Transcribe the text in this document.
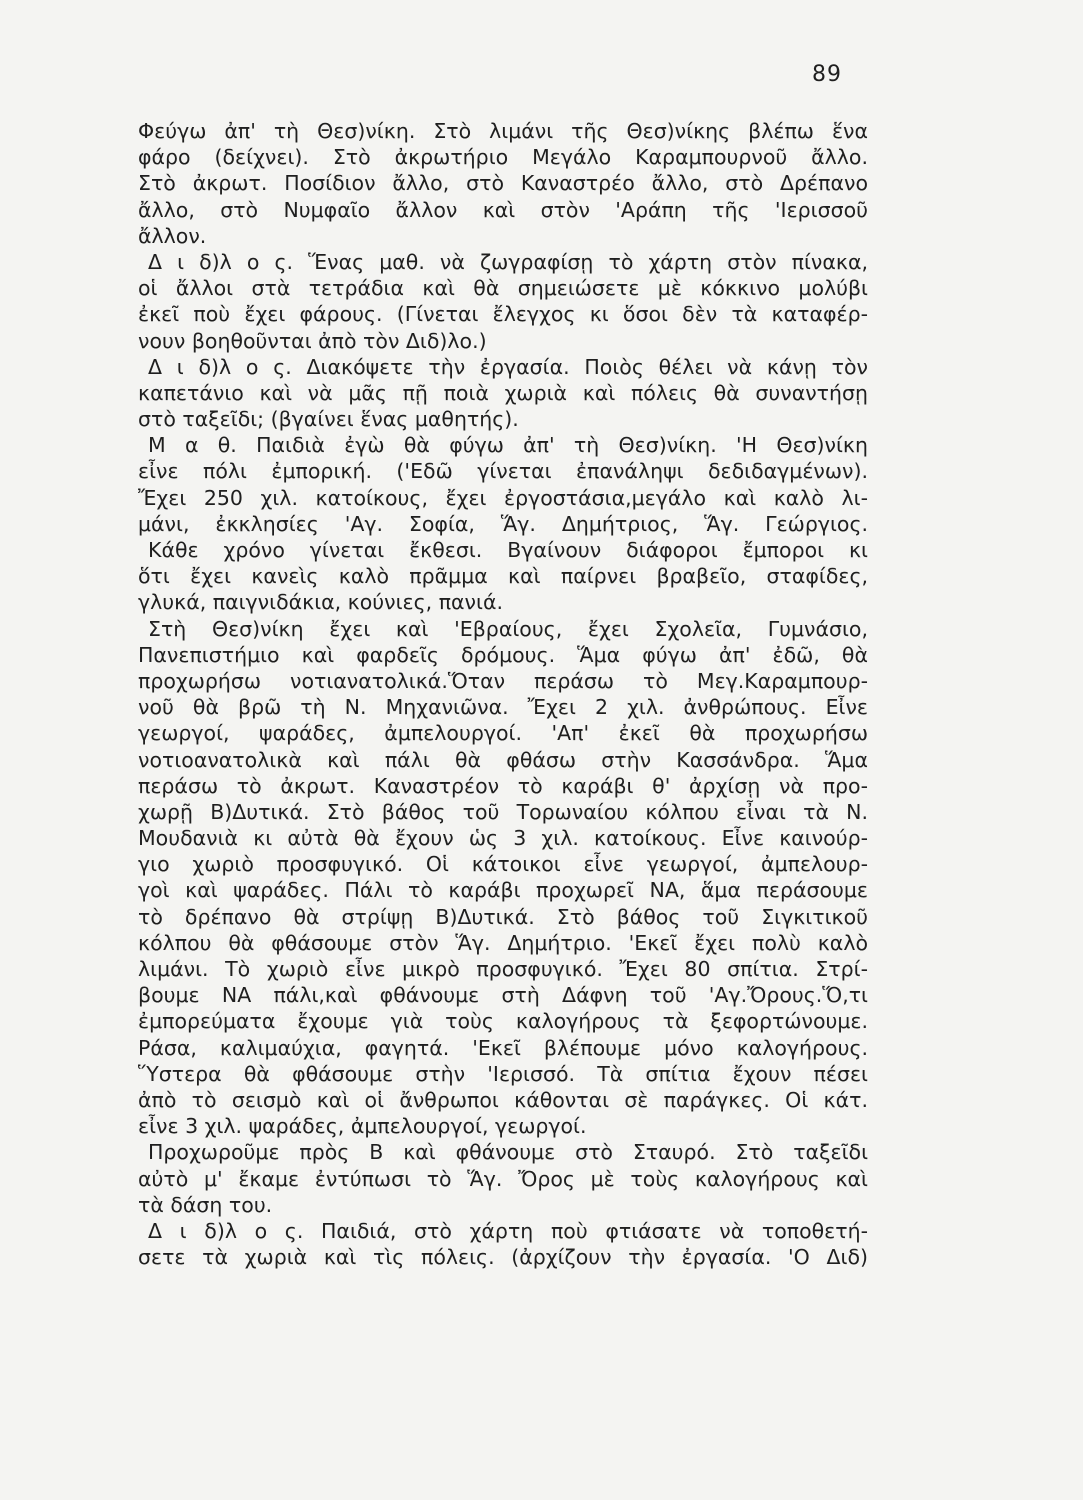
89
Φεύγω ἀπ' τὴ Θεσ)νίκη. Στὸ λιμάνι τῆς Θεσ)νίκης βλέπω ἕνα
φάρο (δείχνει). Στὸ ἀκρωτήριο Μεγάλο Καραμπουρνοῦ ἄλλο.
Στὸ ἀκρωτ. Ποσίδιον ἄλλο, στὸ Καναστρέο ἄλλο, στὸ Δρέπανο
ἄλλο, στὸ Νυμφαῖο ἄλλον καὶ στὸν 'Αράπη τῆς 'Ιερισσοῦ
ἄλλον.
Δ ι δ)λ ο ς. Ἕνας μαθ. νὰ ζωγραφίσῃ τὸ χάρτη στὸν πίνακα,
οἱ ἄλλοι στὰ τετράδια καὶ θὰ σημειώσετε μὲ κόκκινο μολύβι
ἐκεῖ ποὺ ἔχει φάρους. (Γίνεται ἔλεγχος κι ὅσοι δὲν τὰ καταφέρ-
νουν βοηθοῦνται ἀπὸ τὸν Διδ)λο.)
Δ ι δ)λ ο ς. Διακόψετε τὴν ἐργασία. Ποιὸς θέλει νὰ κάνῃ τὸν
καπετάνιο καὶ νὰ μᾶς πῇ ποιὰ χωριὰ καὶ πόλεις θὰ συναντήσῃ
στὸ ταξεῖδι; (βγαίνει ἕνας μαθητής).
Μ α θ. Παιδιὰ ἐγὼ θὰ φύγω ἀπ' τὴ Θεσ)νίκη. 'Η Θεσ)νίκη
εἶνε πόλι ἐμπορική. ('Εδῶ γίνεται ἐπανάληψι δεδιδαγμένων).
Ἔχει 250 χιλ. κατοίκους, ἔχει ἐργοστάσια,μεγάλο καὶ καλὸ λι-
μάνι, ἐκκλησίες 'Αγ. Σοφία, Ἅγ. Δημήτριος, Ἅγ. Γεώργιος.
Κάθε χρόνο γίνεται ἔκθεσι. Βγαίνουν διάφοροι ἔμποροι κι
ὅτι ἔχει κανεὶς καλὸ πρᾶμμα καὶ παίρνει βραβεῖο, σταφίδες,
γλυκά, παιγνιδάκια, κούνιες, πανιά.
Στὴ Θεσ)νίκη ἔχει καὶ 'Εβραίους, ἔχει Σχολεῖα, Γυμνάσιο,
Πανεπιστήμιο καὶ φαρδεῖς δρόμους. Ἅμα φύγω ἀπ' ἐδῶ, θὰ
προχωρήσω νοτιανατολικά.Ὅταν περάσω τὸ Μεγ.Καραμπουρ-
νοῦ θὰ βρῶ τὴ Ν. Μηχανιῶνα. Ἔχει 2 χιλ. ἀνθρώπους. Εἶνε
γεωργοί, ψαράδες, ἀμπελουργοί. 'Απ' ἐκεῖ θὰ προχωρήσω
νοτιοανατολικὰ καὶ πάλι θὰ φθάσω στὴν Κασσάνδρα. Ἅμα
περάσω τὸ ἀκρωτ. Καναστρέον τὸ καράβι θ' ἀρχίσῃ νὰ προ-
χωρῇ Β)Δυτικά. Στὸ βάθος τοῦ Τορωναίου κόλπου εἶναι τὰ Ν.
Μουδανιὰ κι αὐτὰ θὰ ἔχουν ὡς 3 χιλ. κατοίκους. Εἶνε καινούρ-
γιο χωριὸ προσφυγικό. Οἱ κάτοικοι εἶνε γεωργοί, ἀμπελουρ-
γοὶ καὶ ψαράδες. Πάλι τὸ καράβι προχωρεῖ ΝΑ, ἅμα περάσουμε
τὸ δρέπανο θὰ στρίψῃ Β)Δυτικά. Στὸ βάθος τοῦ Σιγκιτικοῦ
κόλπου θὰ φθάσουμε στὸν Ἅγ. Δημήτριο. 'Εκεῖ ἔχει πολὺ καλὸ
λιμάνι. Τὸ χωριὸ εἶνε μικρὸ προσφυγικό. Ἔχει 80 σπίτια. Στρί-
βουμε ΝΑ πάλι,καὶ φθάνουμε στὴ Δάφνη τοῦ 'Αγ.Ὄρους.Ὅ,τι
ἐμπορεύματα ἔχουμε γιὰ τοὺς καλογήρους τὰ ξεφορτώνουμε.
Ράσα, καλιμαύχια, φαγητά. 'Εκεῖ βλέπουμε μόνο καλογήρους.
Ὕστερα θὰ φθάσουμε στὴν 'Ιερισσό. Τὰ σπίτια ἔχουν πέσει
ἀπὸ τὸ σεισμὸ καὶ οἱ ἄνθρωποι κάθονται σὲ παράγκες. Οἱ κάτ.
εἶνε 3 χιλ. ψαράδες, ἀμπελουργοί, γεωργοί.
Προχωροῦμε πρὸς Β καὶ φθάνουμε στὸ Σταυρό. Στὸ ταξεῖδι
αὐτὸ μ' ἔκαμε ἐντύπωσι τὸ Ἅγ. Ὄρος μὲ τοὺς καλογήρους καὶ
τὰ δάση του.
Δ ι δ)λ ο ς. Παιδιά, στὸ χάρτη ποὺ φτιάσατε νὰ τοποθετή-
σετε τὰ χωριὰ καὶ τὶς πόλεις. (ἀρχίζουν τὴν ἐργασία. 'Ο Διδ)
